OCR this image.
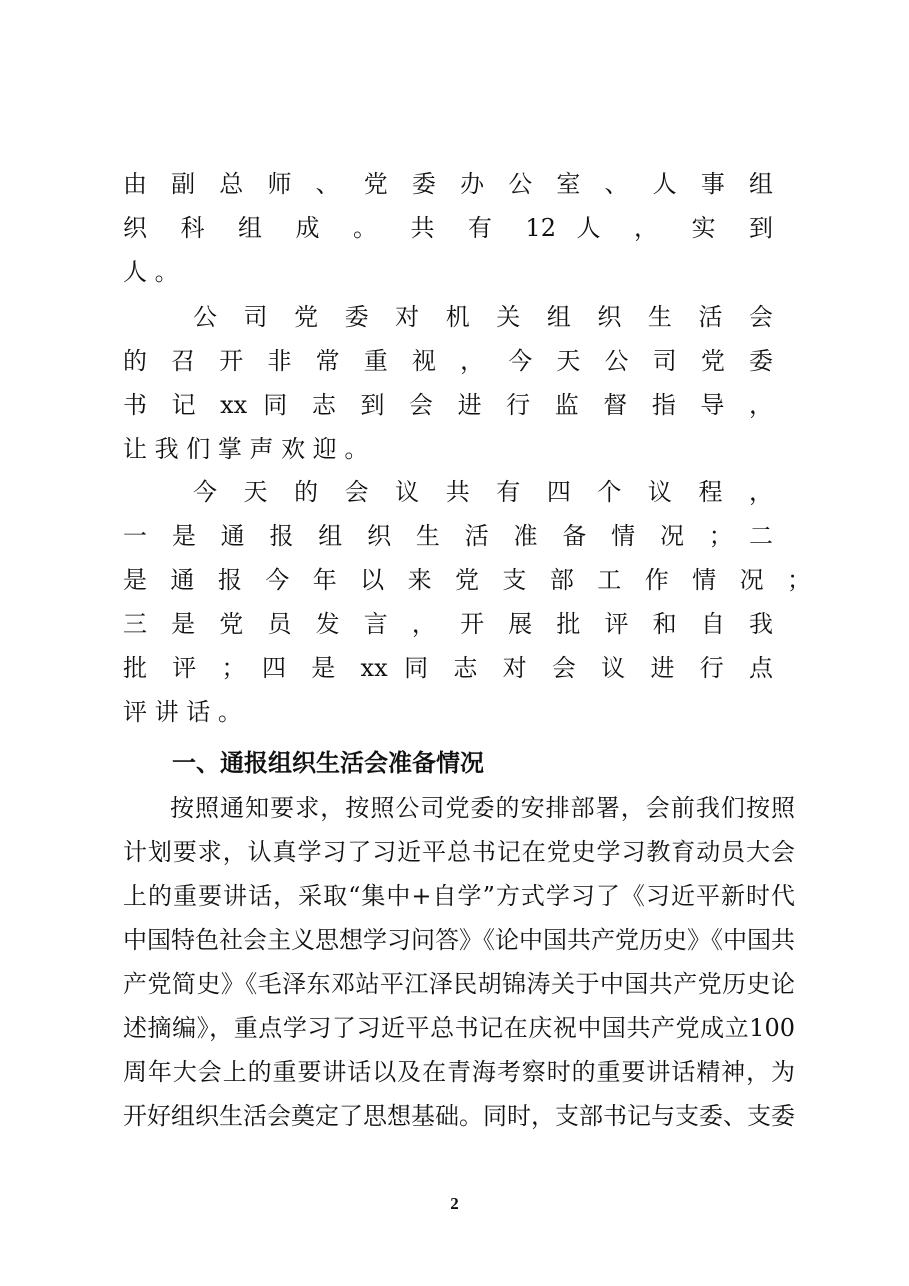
由 副 总 师 、 党 委 办 公 室 、 人 事 组
织 科 组 成 。 共 有 12 人 ， 实 到
人 。
公 司 党 委 对 机 关 组 织 生 活 会
的 召 开 非 常 重 视 ， 今 天 公 司 党 委
书 记 xx 同 志 到 会 进 行 监 督 指 导 ，
让 我 们 掌 声 欢 迎 。
今 天 的 会 议 共 有 四 个 议 程 ，
一 是 通 报 组 织 生 活 准 备 情 况 ； 二
是 通 报 今 年 以 来 党 支 部 工 作 情 况 ；
三 是 党 员 发 言 ， 开 展 批 评 和 自 我
批 评 ； 四 是 xx 同 志 对 会 议 进 行 点
评 讲 话 。
一、通报组织生活会准备情况
按照通知要求，按照公司党委的安排部署，会前我们按照
计划要求，认真学习了习近平总书记在党史学习教育动员大会
上的重要讲话，采取“集中+自学”方式学习了《习近平新时代
中国特色社会主义思想学习问答》《论中国共产党历史》《中国共
产党简史》《毛泽东邓站平江泽民胡锦涛关于中国共产党历史论
述摘编》，重点学习了习近平总书记在庆祝中国共产党成立100
周年大会上的重要讲话以及在青海考察时的重要讲话精神，为
开好组织生活会奠定了思想基础。同时，支部书记与支委、支委
2
